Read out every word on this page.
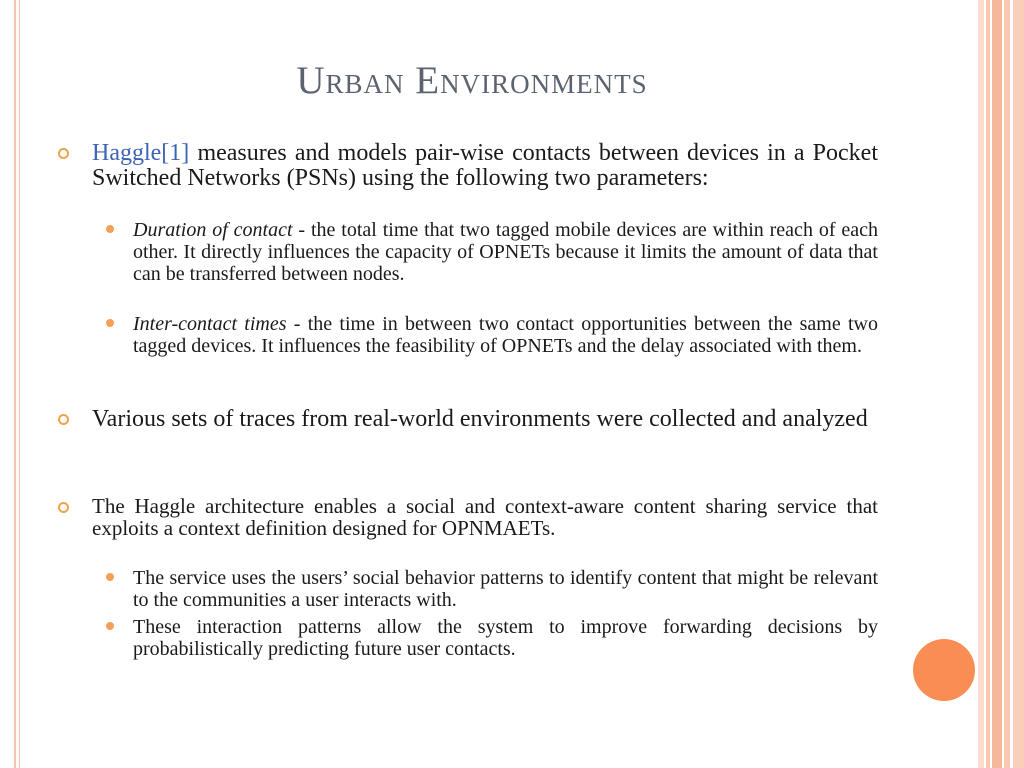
Urban Environments
Haggle[1] measures and models pair-wise contacts between devices in a Pocket Switched Networks (PSNs) using the following two parameters:
Duration of contact - the total time that two tagged mobile devices are within reach of each other. It directly influences the capacity of OPNETs because it limits the amount of data that can be transferred between nodes.
Inter-contact times - the time in between two contact opportunities between the same two tagged devices. It influences the feasibility of OPNETs and the delay associated with them.
Various sets of traces from real-world environments were collected and analyzed
The Haggle architecture enables a social and context-aware content sharing service that exploits a context definition designed for OPNMAETs.
The service uses the users’ social behavior patterns to identify content that might be relevant to the communities a user interacts with.
These interaction patterns allow the system to improve forwarding decisions by probabilistically predicting future user contacts.
